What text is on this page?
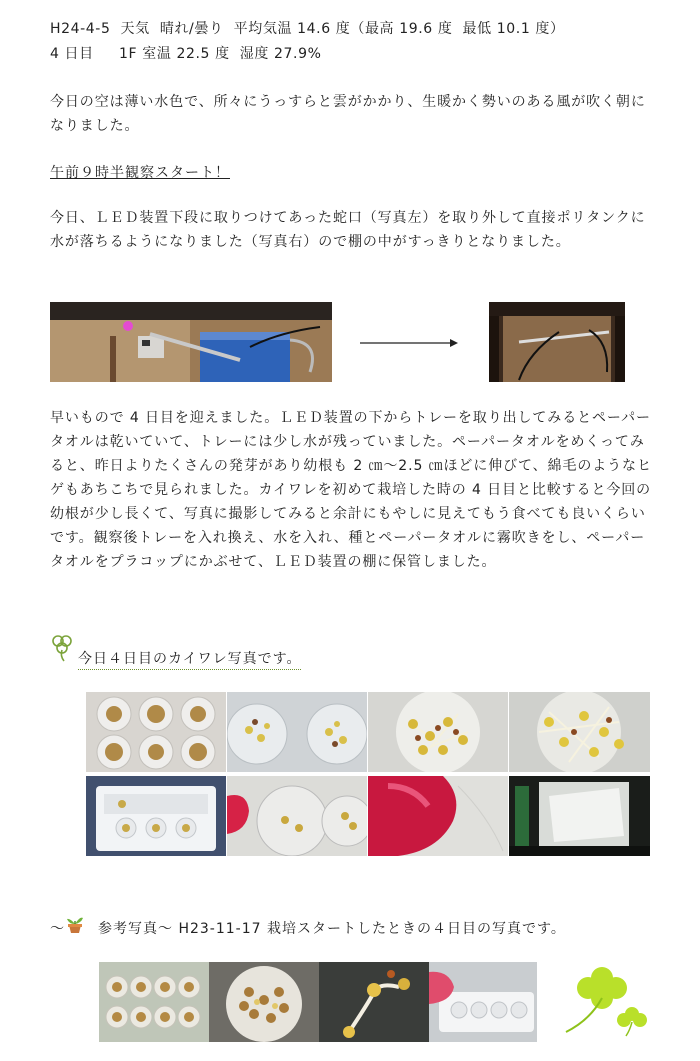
H24-4-5  天気  晴れ/曇り  平均気温 14.6 度（最高 19.6 度  最低 10.1 度）
4 日目     1F 室温 22.5 度  湿度 27.9%
今日の空は薄い水色で、所々にうっすらと雲がかかり、生暖かく勢いのある風が吹く朝になりました。
午前９時半観察スタート！
今日、ＬＥＤ装置下段に取りつけてあった蛇口（写真左）を取り外して直接ポリタンクに水が落ちるようになりました（写真右）ので棚の中がすっきりとなりました。
早いもので 4 日目を迎えました。ＬＥＤ装置の下からトレーを取り出してみるとペーパータオルは乾いていて、トレーには少し水が残っていました。ペーパータオルをめくってみると、昨日よりたくさんの発芽があり幼根も 2 ㎝～2.5 ㎝ほどに伸びて、綿毛のようなヒゲもあちこちで見られました。カイワレを初めて栽培した時の 4 日目と比較すると今回の幼根が少し長くて、写真に撮影してみると余計にもやしに見えてもう食べても良いくらいです。観察後トレーを入れ換え、水を入れ、種とペーパータオルに霧吹きをし、ペーパータオルをプラコップにかぶせて、ＬＥＤ装置の棚に保管しました。
今日４日目のカイワレ写真です。
～ 参考写真～ H23-11-17 栽培スタートしたときの４日目の写真です。
